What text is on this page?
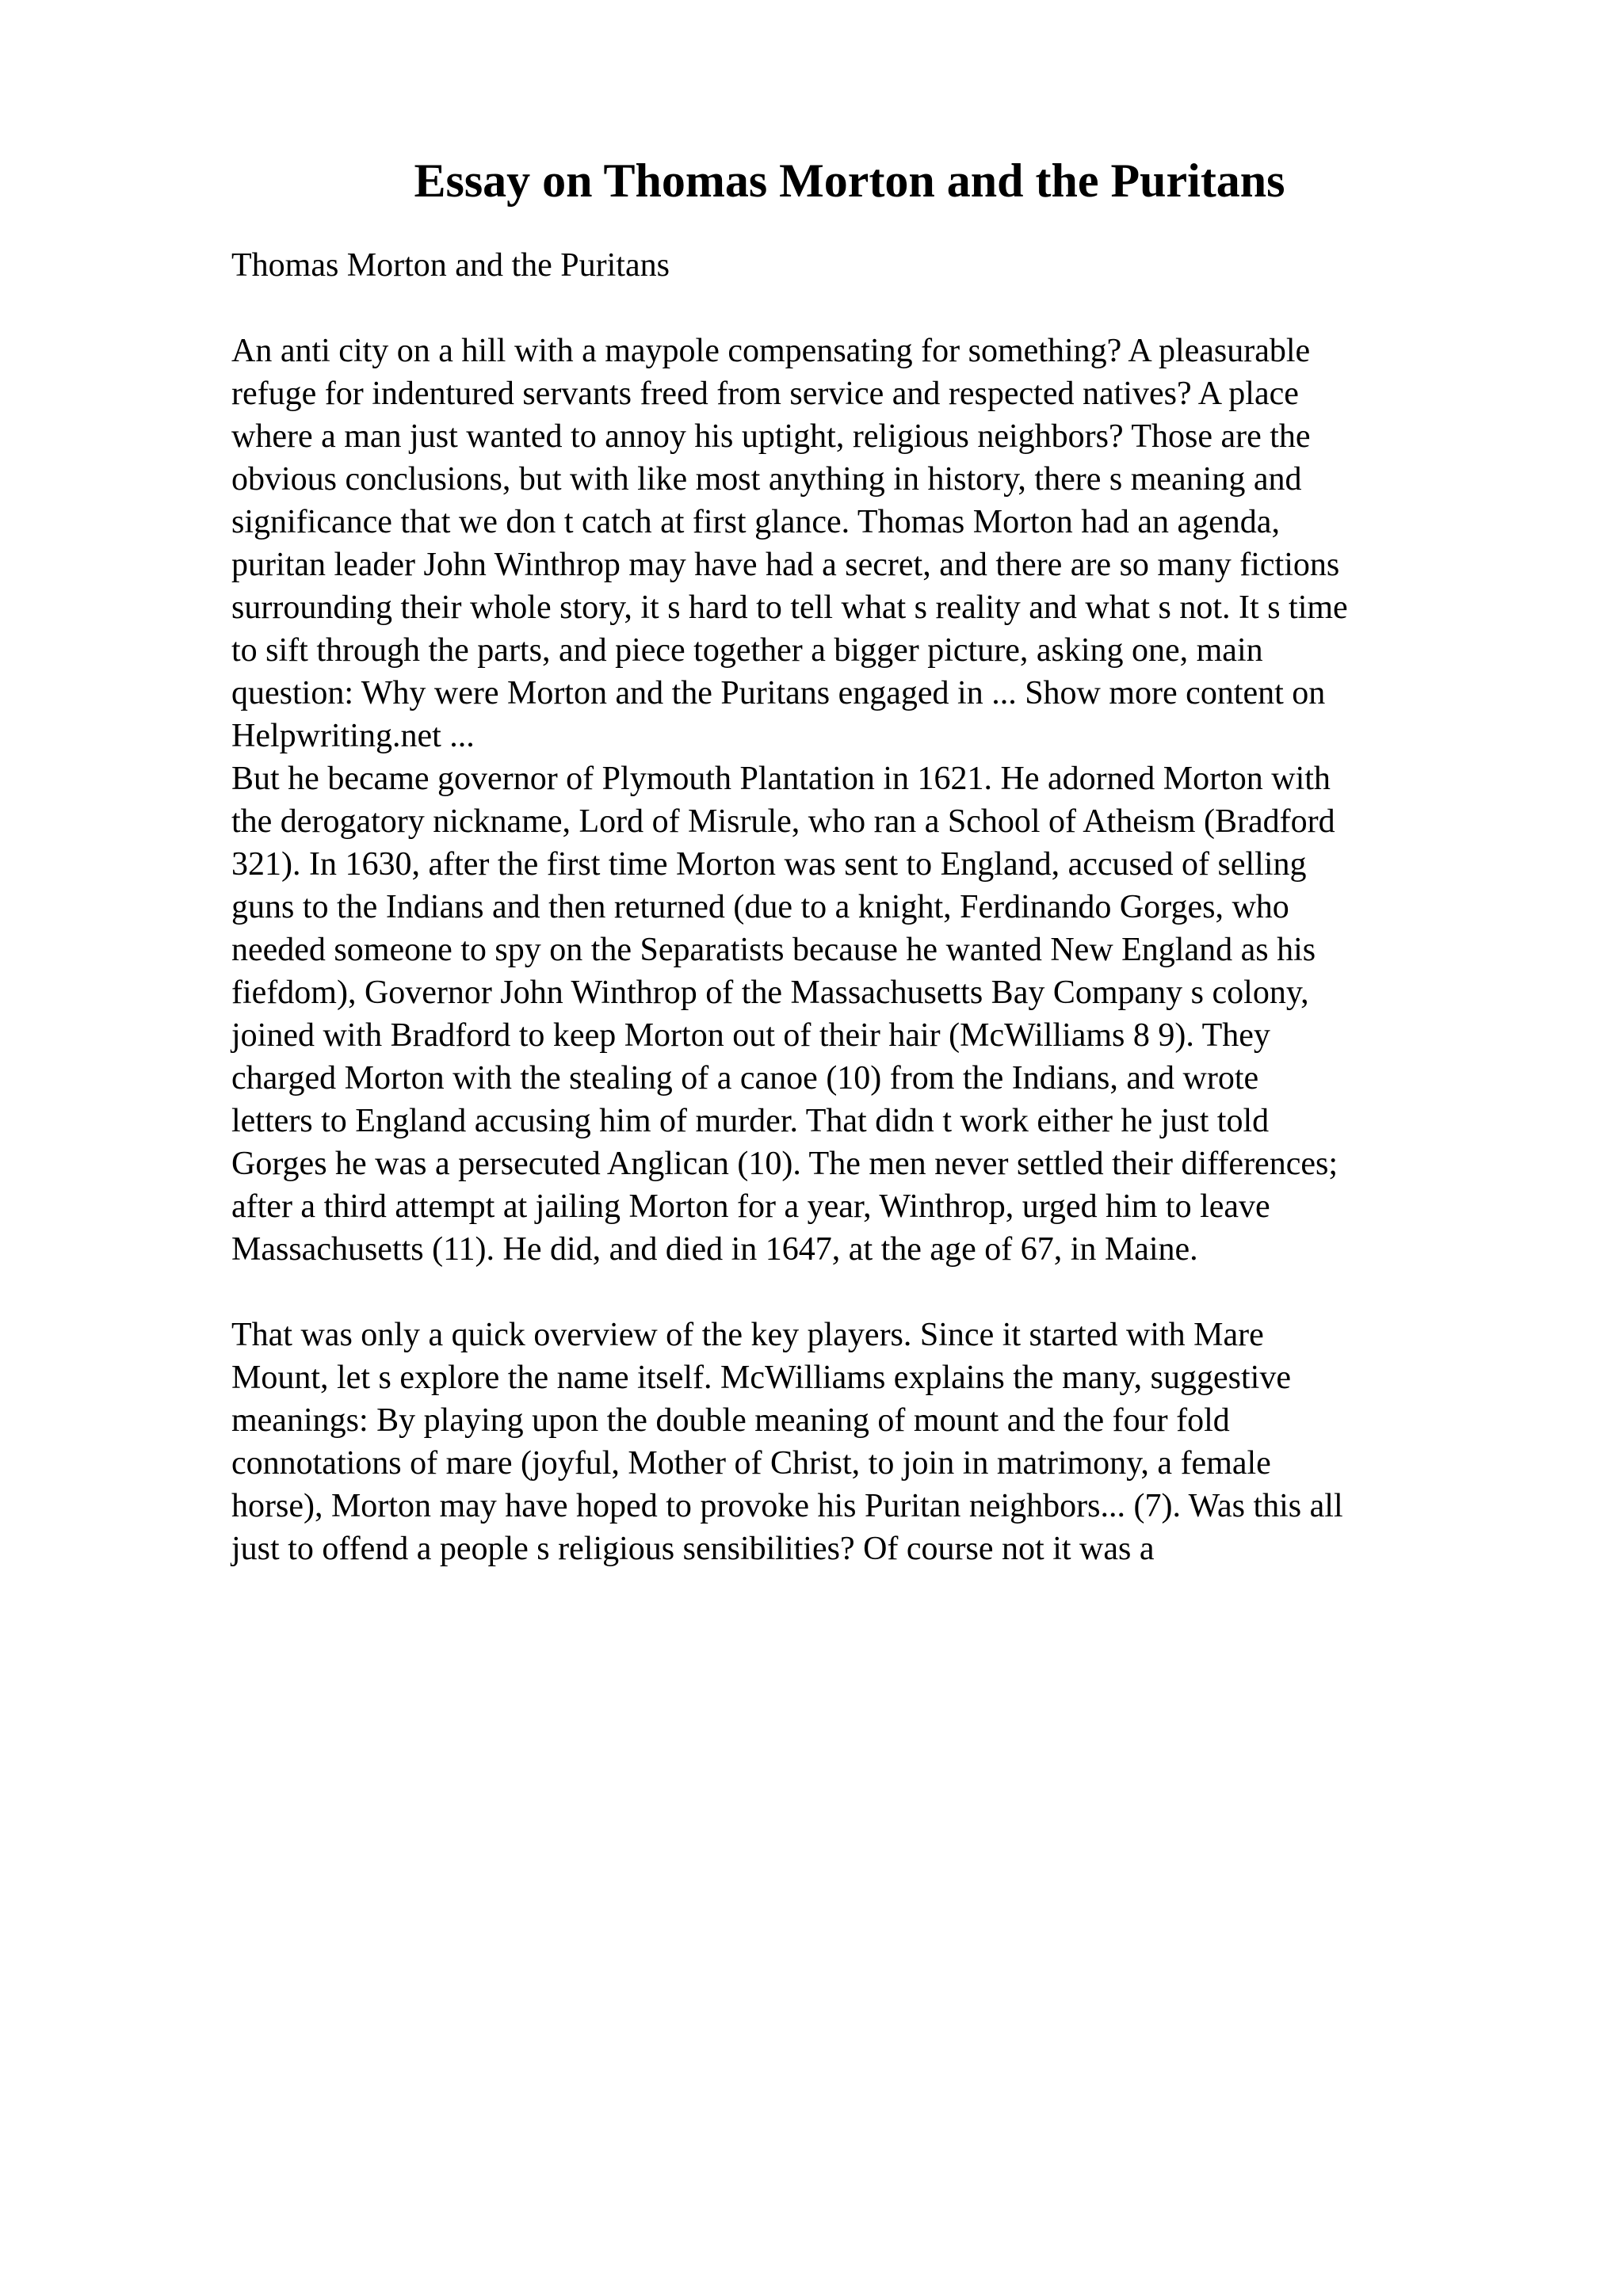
Essay on Thomas Morton and the Puritans
Thomas Morton and the Puritans
An anti city on a hill with a maypole compensating for something? A pleasurable
refuge for indentured servants freed from service and respected natives? A place
where a man just wanted to annoy his uptight, religious neighbors? Those are the
obvious conclusions, but with like most anything in history, there s meaning and
significance that we don t catch at first glance. Thomas Morton had an agenda,
puritan leader John Winthrop may have had a secret, and there are so many fictions
surrounding their whole story, it s hard to tell what s reality and what s not. It s time
to sift through the parts, and piece together a bigger picture, asking one, main
question: Why were Morton and the Puritans engaged in ... Show more content on
Helpwriting.net ...
But he became governor of Plymouth Plantation in 1621. He adorned Morton with
the derogatory nickname, Lord of Misrule, who ran a School of Atheism (Bradford
321). In 1630, after the first time Morton was sent to England, accused of selling
guns to the Indians and then returned (due to a knight, Ferdinando Gorges, who
needed someone to spy on the Separatists because he wanted New England as his
fiefdom), Governor John Winthrop of the Massachusetts Bay Company s colony,
joined with Bradford to keep Morton out of their hair (McWilliams 8 9). They
charged Morton with the stealing of a canoe (10) from the Indians, and wrote
letters to England accusing him of murder. That didn t work either he just told
Gorges he was a persecuted Anglican (10). The men never settled their differences;
after a third attempt at jailing Morton for a year, Winthrop, urged him to leave
Massachusetts (11). He did, and died in 1647, at the age of 67, in Maine.
That was only a quick overview of the key players. Since it started with Mare
Mount, let s explore the name itself. McWilliams explains the many, suggestive
meanings: By playing upon the double meaning of mount and the four fold
connotations of mare (joyful, Mother of Christ, to join in matrimony, a female
horse), Morton may have hoped to provoke his Puritan neighbors... (7). Was this all
just to offend a people s religious sensibilities? Of course not it was a
